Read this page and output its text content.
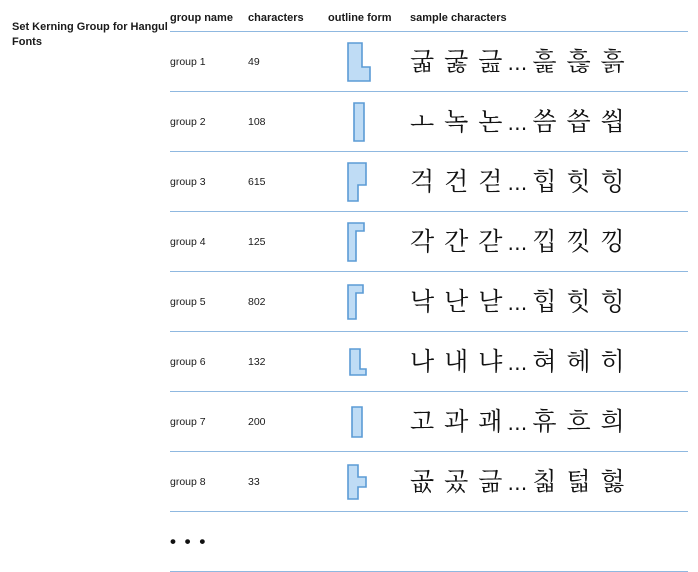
Set Kerning Group for Hangul Fonts
group name	characters	outline form	sample characters
group 1	49		굷 굻 긆 … 흝 흖 흙
group 2	108		ㅗ 녹 논 … 씀 씁 씝
group 3	615		걱 건 걷 … 힙 힛 힝
group 4	125		각 간 갇 … 낍 낏 낑
group 5	802		낙 난 낟 … 힙 힛 힝
group 6	132		나 내 냐 … 혀 헤 히
group 7	200		고 과 괘 … 휴 흐 희
group 8	33		곲 곴 긂 … 칣 턻 헗
• • •			
